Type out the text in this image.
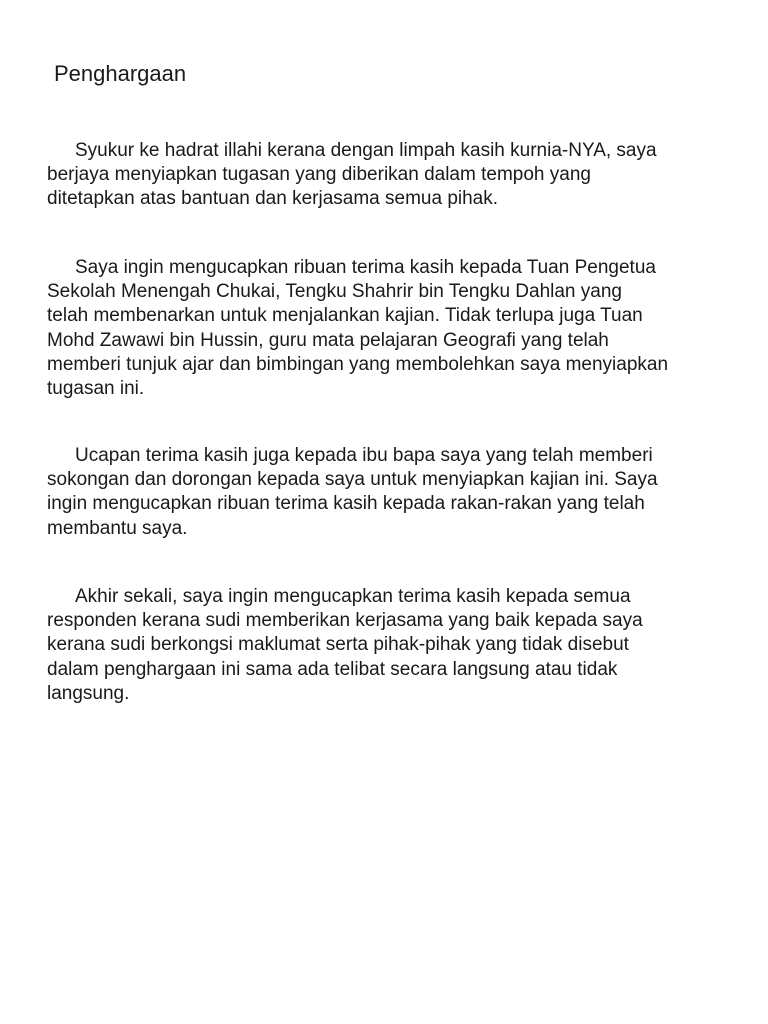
Penghargaan

Syukur ke hadrat illahi kerana dengan limpah kasih kurnia-NYA, saya
berjaya menyiapkan tugasan yang diberikan dalam tempoh yang
ditetapkan atas bantuan dan kerjasama semua pihak.

Saya ingin mengucapkan ribuan terima kasih kepada Tuan Pengetua
Sekolah Menengah Chukai, Tengku Shahrir bin Tengku Dahlan yang
telah membenarkan untuk menjalankan kajian. Tidak terlupa juga Tuan
Mohd Zawawi bin Hussin, guru mata pelajaran Geografi yang telah
memberi tunjuk ajar dan bimbingan yang membolehkan saya menyiapkan
tugasan ini.

Ucapan terima kasih juga kepada ibu bapa saya yang telah memberi
sokongan dan dorongan kepada saya untuk menyiapkan kajian ini. Saya
ingin mengucapkan ribuan terima kasih kepada rakan-rakan yang telah
membantu saya.

Akhir sekali, saya ingin mengucapkan terima kasih kepada semua
responden kerana sudi memberikan kerjasama yang baik kepada saya
kerana sudi berkongsi maklumat serta pihak-pihak yang tidak disebut
dalam penghargaan ini sama ada telibat secara langsung atau tidak
langsung.
